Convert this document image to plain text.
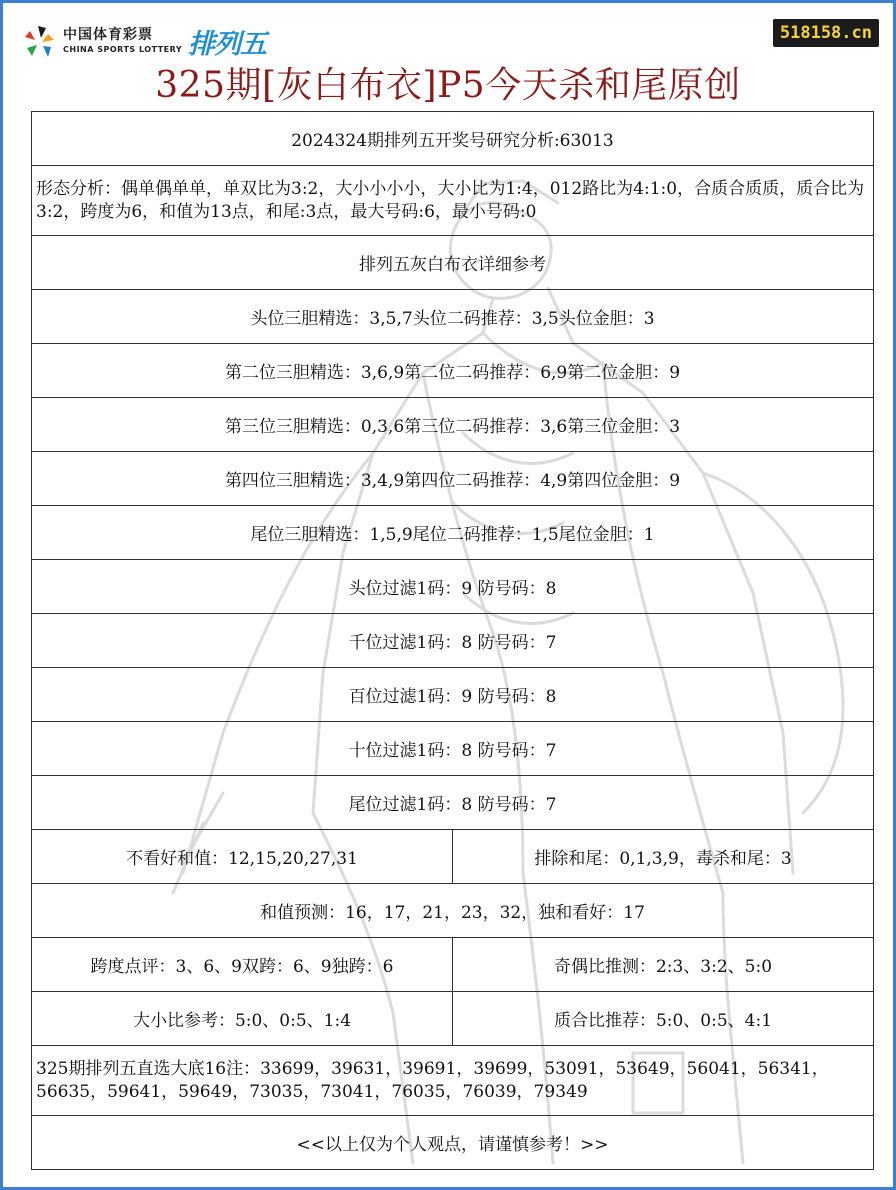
中国体育彩票
CHINA SPORTS LOTTERY 排列五	518158.cn
325期[灰白布衣]P5今天杀和尾原创
2024324期排列五开奖号研究分析:63013	
形态分析：偶单偶单单，单双比为3:2，大小小小小，大小比为1:4，012路比为4:1:0，合质合质质，质合比为3:2，跨度为6，和值为13点，和尾:3点，最大号码:6，最小号码:0	
排列五灰白布衣详细参考	
头位三胆精选：3,5,7头位二码推荐：3,5头位金胆：3	
第二位三胆精选：3,6,9第二位二码推荐：6,9第二位金胆：9	
第三位三胆精选：0,3,6第三位二码推荐：3,6第三位金胆：3	
第四位三胆精选：3,4,9第四位二码推荐：4,9第四位金胆：9	
尾位三胆精选：1,5,9尾位二码推荐：1,5尾位金胆：1	
头位过滤1码：9 防号码：8	
千位过滤1码：8 防号码：7	
百位过滤1码：9 防号码：8	
十位过滤1码：8 防号码：7	
尾位过滤1码：8 防号码：7	
不看好和值：12,15,20,27,31	排除和尾：0,1,3,9，毒杀和尾：3
和值预测：16，17，21，23，32，独和看好：17	
跨度点评：3、6、9双跨：6、9独跨：6	奇偶比推测：2:3、3:2、5:0
大小比参考：5:0、0:5、1:4	质合比推荐：5:0、0:5、4:1
325期排列五直选大底16注：33699，39631，39691，39699，53091，53649，56041，56341，56635，59641，59649，73035，73041，76035，76039，79349	
<<以上仅为个人观点，请谨慎参考！>>	
